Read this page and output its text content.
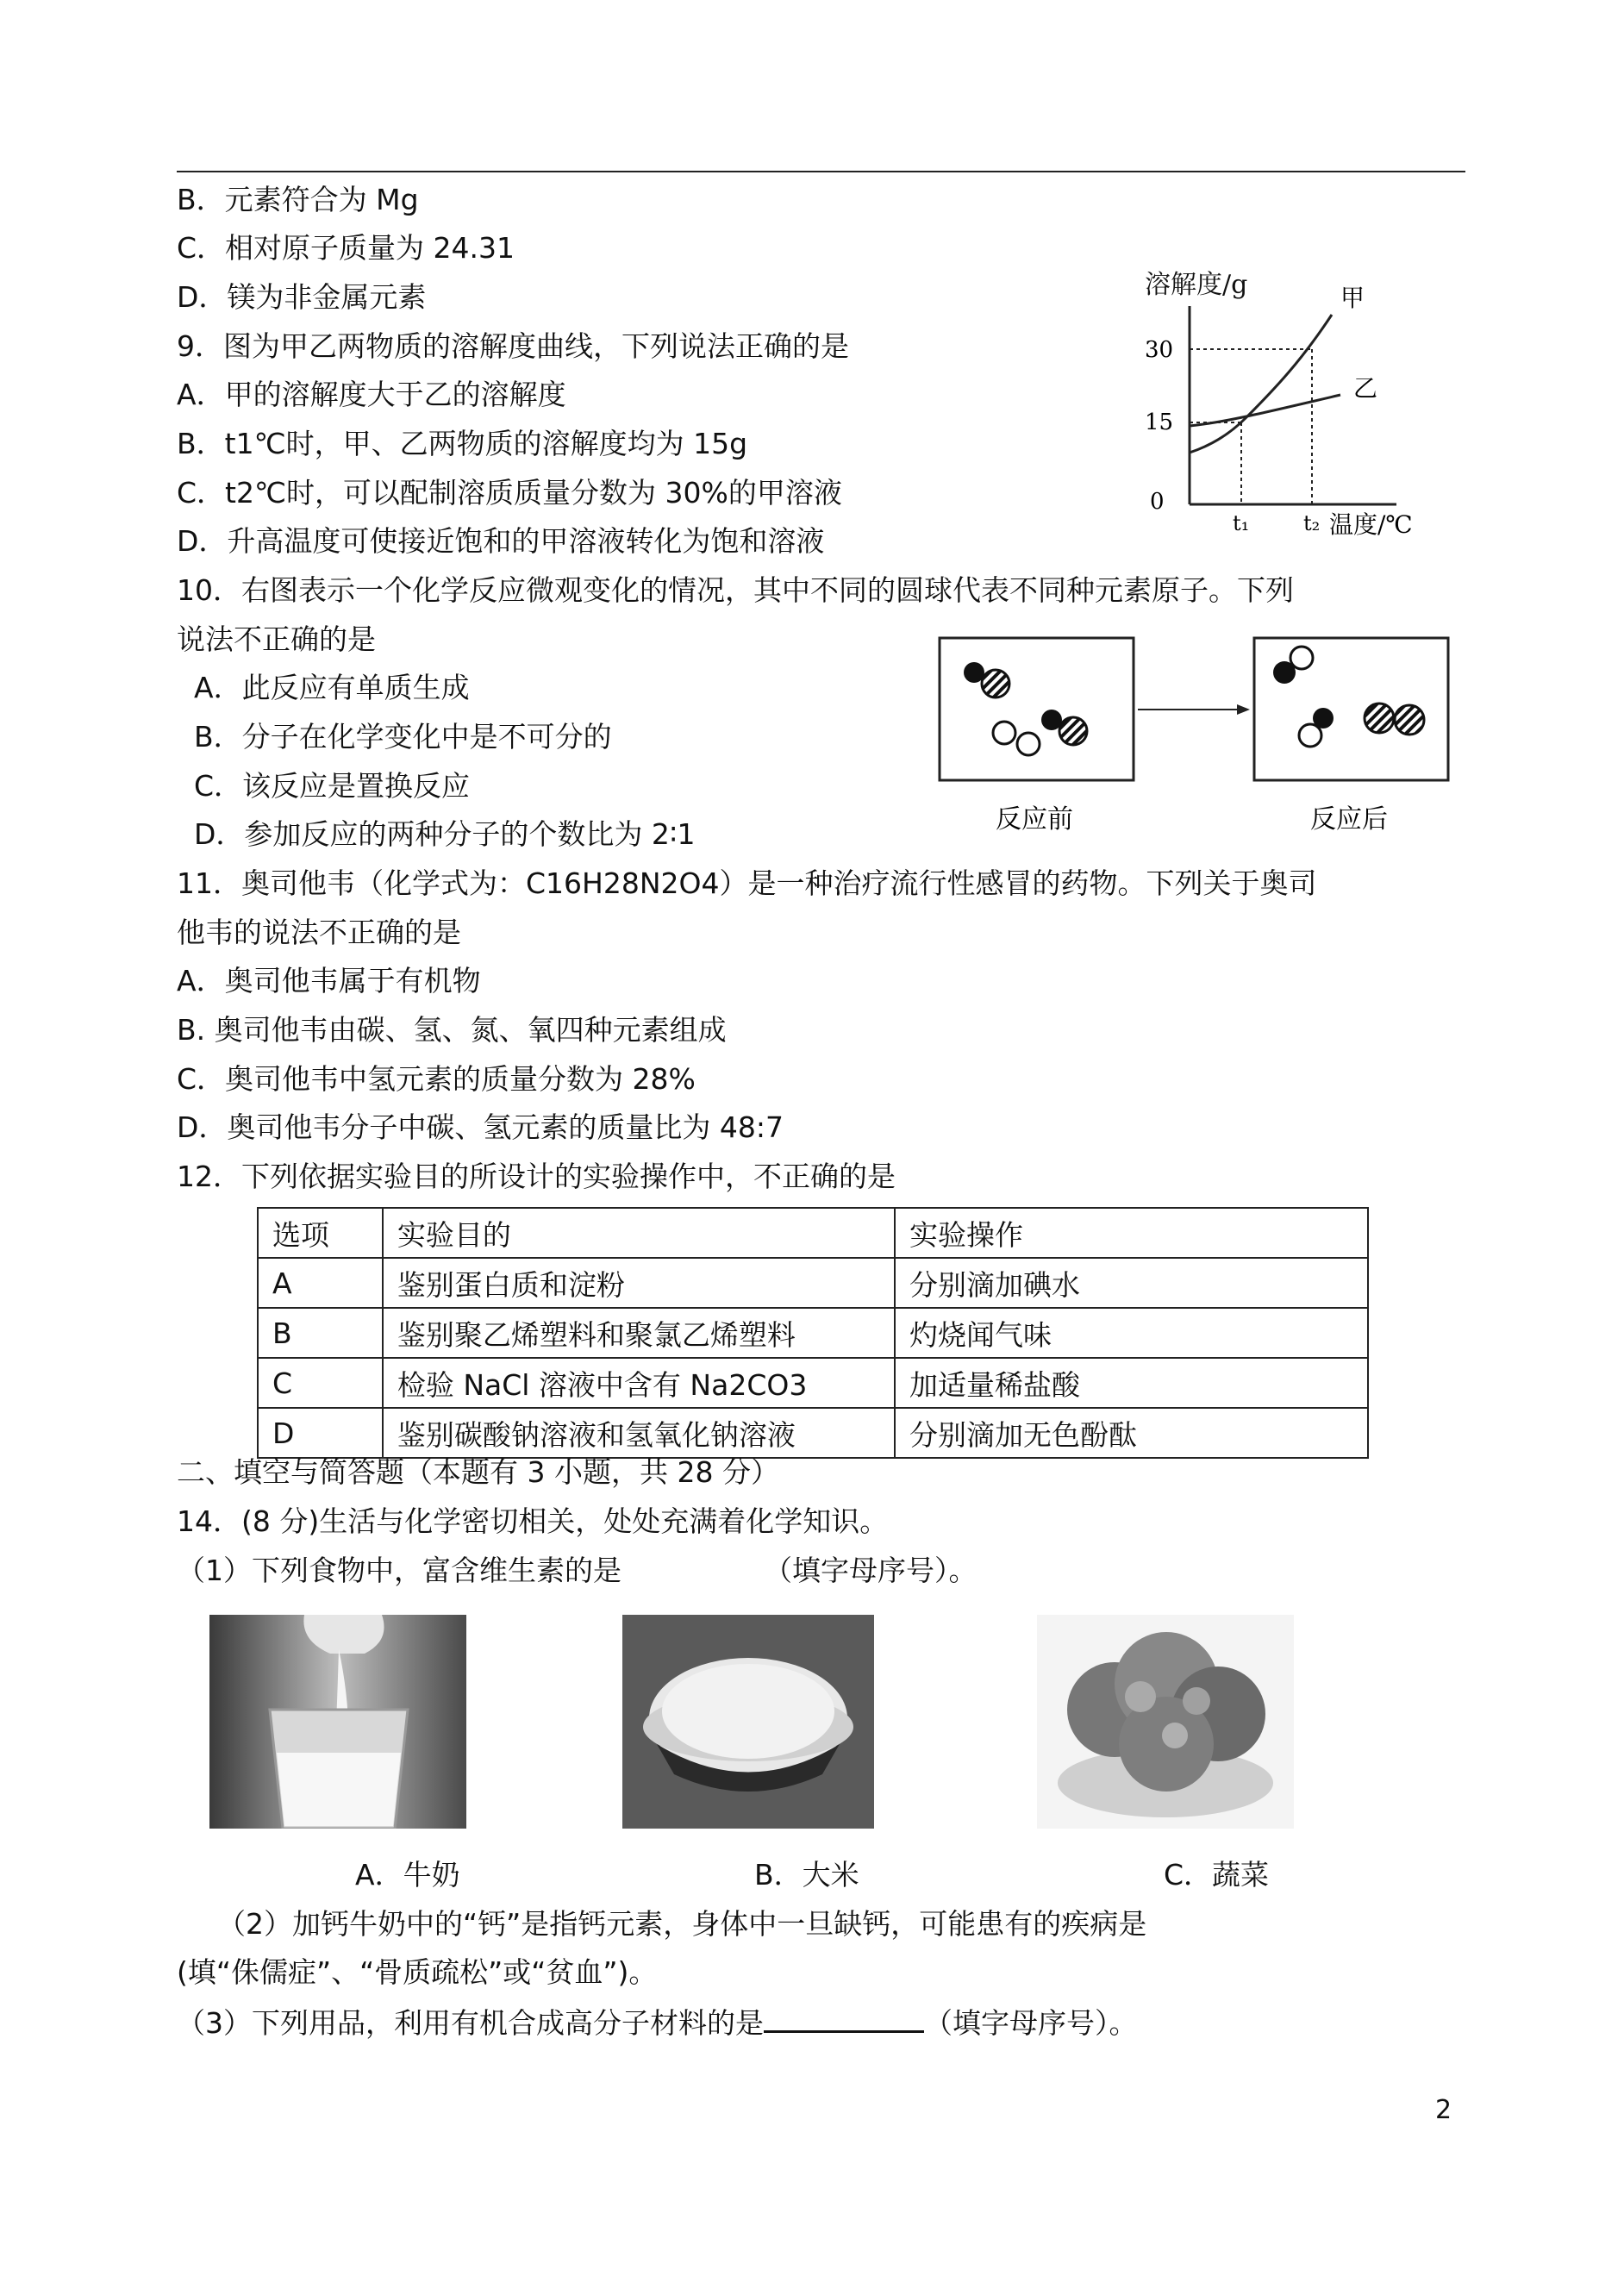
B．元素符合为 Mg
C．相对原子质量为 24.31
D．镁为非金属元素
9．图为甲乙两物质的溶解度曲线，下列说法正确的是
A．甲的溶解度大于乙的溶解度
B．t1℃时，甲、乙两物质的溶解度均为 15g
C．t2℃时，可以配制溶质质量分数为 30%的甲溶液
D．升高温度可使接近饱和的甲溶液转化为饱和溶液
溶解度/g	甲
乙
30
15
0
t₁	t₂ 温度/℃
10．右图表示一个化学反应微观变化的情况，其中不同的圆球代表不同种元素原子。下列
说法不正确的是
A．此反应有单质生成
B．分子在化学变化中是不可分的
C．该反应是置换反应
D．参加反应的两种分子的个数比为 2∶1	反应前	反应后
11．奥司他韦（化学式为：C16H28N2O4）是一种治疗流行性感冒的药物。下列关于奥司
他韦的说法不正确的是
A．奥司他韦属于有机物
B. 奥司他韦由碳、氢、氮、氧四种元素组成
C．奥司他韦中氢元素的质量分数为 28%
D．奥司他韦分子中碳、氢元素的质量比为 48:7
12．下列依据实验目的所设计的实验操作中，不正确的是
选项	实验目的	实验操作
A	鉴别蛋白质和淀粉	分别滴加碘水
B	鉴别聚乙烯塑料和聚氯乙烯塑料	灼烧闻气味
C	检验 NaCl 溶液中含有 Na2CO3	加适量稀盐酸
D	鉴别碳酸钠溶液和氢氧化钠溶液	分别滴加无色酚酞
二、填空与简答题（本题有 3 小题，共 28 分）
14．(8 分)生活与化学密切相关，处处充满着化学知识。
（1）下列食物中，富含维生素的是	（填字母序号）。
A．牛奶	B．大米	C．蔬菜
（2）加钙牛奶中的“钙”是指钙元素，身体中一旦缺钙，可能患有的疾病是
(填“侏儒症”、“骨质疏松”或“贫血”)。
（3）下列用品，利用有机合成高分子材料的是	（填字母序号）。
2
